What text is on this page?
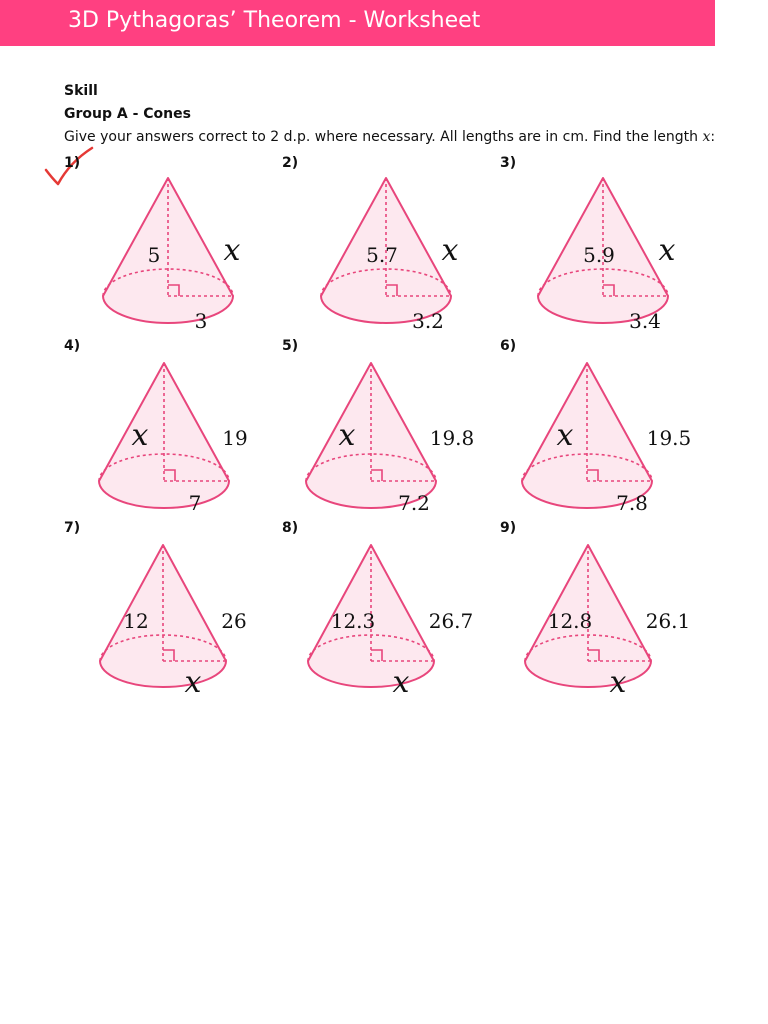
3D Pythagoras’ Theorem - Worksheet
Skill
Group A - Cones
Give your answers correct to 2 d.p. where necessary. All lengths are in cm. Find the length x:
1)	2)	3)
4)	5)	6)
7)	8)	9)
5 x
3
5.7 x
3.2
5.9 x
3.4
x	19
7
x	19.8
7.2
x	19.5
7.8
12	26
x
12.3	26.7
x
12.8	26.1
x
